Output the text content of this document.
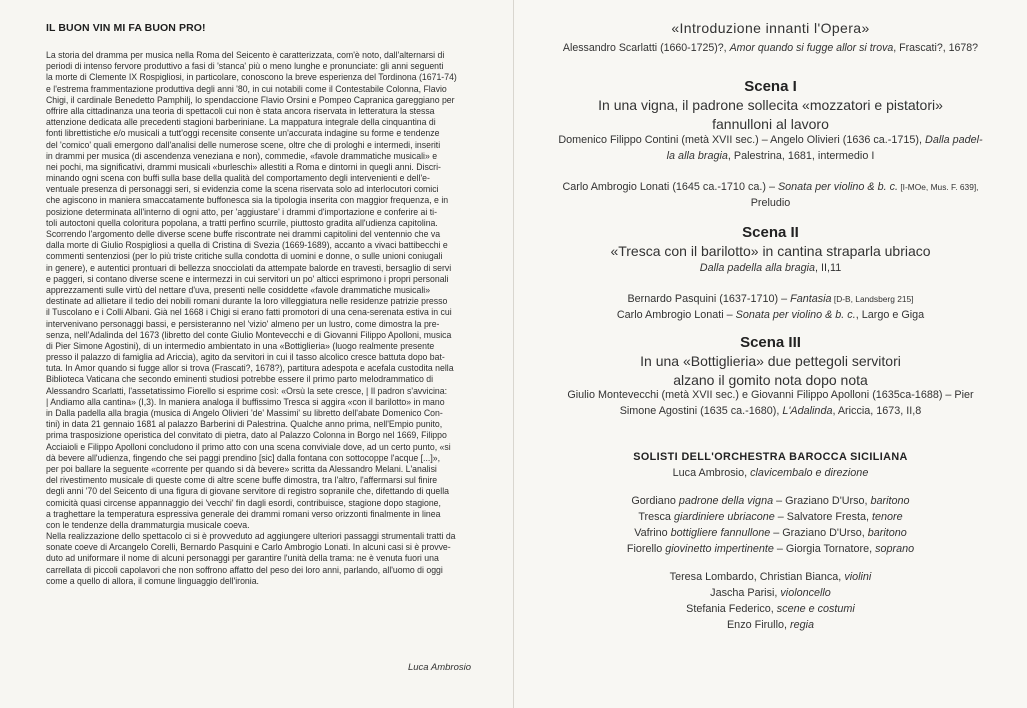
IL BUON VIN MI FA BUON PRO!
La storia del dramma per musica nella Roma del Seicento è caratterizzata, com'è noto, dall'alternarsi di
periodi di intenso fervore produttivo a fasi di 'stanca' più o meno lunghe e pronunciate: gli anni seguenti
la morte di Clemente IX Rospigliosi, in particolare, conoscono la breve esperienza del Tordinona (1671-74)
e l'estrema frammentazione produttiva degli anni '80, in cui notabili come il Contestabile Colonna, Flavio
Chigi, il cardinale Benedetto Pamphilj, lo spendaccione Flavio Orsini e Pompeo Capranica gareggiano per
offrire alla cittadinanza una teoria di spettacoli cui non è stata ancora riservata in letteratura la stessa
attenzione dedicata alle precedenti stagioni barberiniane. La mappatura integrale della cinquantina di
fonti librettistiche e/o musicali a tutt'oggi recensite consente un'accurata indagine su forme e tendenze
del 'comico' quali emergono dall'analisi delle numerose scene, oltre che di prologhi e intermedi, inseriti
in drammi per musica (di ascendenza veneziana e non), commedie, «favole drammatiche musicali» e
nei pochi, ma significativi, drammi musicali «burleschi» allestiti a Roma e dintorni in quegli anni. Discri-
minando ogni scena con buffi sulla base della qualità del comportamento degli intervenienti e dell'e-
ventuale presenza di personaggi seri, si evidenzia come la scena riservata solo ad interlocutori comici
che agiscono in maniera smaccatamente buffonesca sia la tipologia inserita con maggior frequenza, e in
posizione determinata all'interno di ogni atto, per 'aggiustare' i drammi d'importazione e conferire ai ti-
toli autoctoni quella coloritura popolana, a tratti perfino scurrile, piuttosto gradita all'udienza capitolina.
Scorrendo l'argomento delle diverse scene buffe riscontrate nei drammi capitolini del ventennio che va
dalla morte di Giulio Rospigliosi a quella di Cristina di Svezia (1669-1689), accanto a vivaci battibecchi e
commenti sentenziosi (per lo più triste critiche sulla condotta di uomini e donne, o sulle unioni coniugali
in genere), e autentici prontuari di bellezza snocciolati da attempate balorde en travesti, bersaglio di servi
e paggeri, si contano diverse scene e intermezzi in cui servitori un po' alticci esprimono i propri personali
apprezzamenti sulle virtù del nettare d'uva, presenti nelle cosiddette «favole drammatiche musicali»
destinate ad allietare il tedio dei nobili romani durante la loro villeggiatura nelle residenze patrizie presso
il Tuscolano e i Colli Albani. Già nel 1668 i Chigi si erano fatti promotori di una cena-serenata estiva in cui
intervenivano personaggi bassi, e persisteranno nel 'vizio' almeno per un lustro, come dimostra la pre-
senza, nell'Adalinda del 1673 (libretto del conte Giulio Montevecchi e di Giovanni Filippo Apolloni, musica
di Pier Simone Agostini), di un intermedio ambientato in una «Bottiglieria» (luogo realmente presente
presso il palazzo di famiglia ad Ariccia), agito da servitori in cui il tasso alcolico cresce battuta dopo bat-
tuta. In Amor quando si fugge allor si trova (Frascati?, 1678?), partitura adespota e acefala custodita nella
Biblioteca Vaticana che secondo eminenti studiosi potrebbe essere il primo parto melodrammatico di
Alessandro Scarlatti, l'assetatissimo Fiorello si esprime così: «Orsù la sete cresce, | Il padron s'avvicina:
| Andiamo alla cantina» (I,3). In maniera analoga il buffissimo Tresca si aggira «con il barilotto» in mano
in Dalla padella alla bragia (musica di Angelo Olivieri 'de' Massimi' su libretto dell'abate Domenico Con-
tini) in data 21 gennaio 1681 al palazzo Barberini di Palestrina. Qualche anno prima, nell'Empio punito,
prima trasposizione operistica del convitato di pietra, dato al Palazzo Colonna in Borgo nel 1669, Filippo
Acciaioli e Filippo Apolloni concludono il primo atto con una scena conviviale dove, ad un certo punto, «si
dà bevere all'udienza, fingendo che sei paggi prendino [sic] dalla fontana con sottocoppe l'acque [...]»,
per poi ballare la seguente «corrente per quando si dà bevere» scritta da Alessandro Melani. L'analisi
del rivestimento musicale di queste come di altre scene buffe dimostra, tra l'altro, l'affermarsi sul finire
degli anni '70 del Seicento di una figura di giovane servitore di registro sopranile che, difettando di quella
comicità quasi circense appannaggio dei 'vecchi' fin dagli esordi, contribuisce, stagione dopo stagione,
a traghettare la temperatura espressiva generale dei drammi romani verso orizzonti finalmente in linea
con le tendenze della drammaturgia musicale coeva.
Nella realizzazione dello spettacolo ci si è provveduto ad aggiungere ulteriori passaggi strumentali tratti da
sonate coeve di Arcangelo Corelli, Bernardo Pasquini e Carlo Ambrogio Lonati. In alcuni casi si è provve-
duto ad uniformare il nome di alcuni personaggi per garantire l'unità della trama: ne è venuta fuori una
carrellata di piccoli capolavori che non soffrono affatto del peso dei loro anni, parlando, all'uomo di oggi
come a quello di allora, il comune linguaggio dell'ironia.
Luca Ambrosio
«Introduzione innanti l'Opera»
Alessandro Scarlatti (1660-1725)?, Amor quando si fugge allor si trova, Frascati?, 1678?
Scena I
In una vigna, il padrone sollecita «mozzatori e pistatori»
fannulloni al lavoro
Domenico Filippo Contini (metà XVII sec.) – Angelo Olivieri (1636 ca.-1715), Dalla padel-
la alla bragia, Palestrina, 1681, intermedio I
Carlo Ambrogio Lonati (1645 ca.-1710 ca.) – Sonata per violino & b. c. [I-MOe, Mus. F. 639],
Preludio
Scena II
«Tresca con il barilotto» in cantina straparla ubriaco
Dalla padella alla bragia, II,11
Bernardo Pasquini (1637-1710) – Fantasia [D-B, Landsberg 215]
Carlo Ambrogio Lonati – Sonata per violino & b. c., Largo e Giga
Scena III
In una «Bottiglieria» due pettegoli servitori
alzano il gomito nota dopo nota
Giulio Montevecchi (metà XVII sec.) e Giovanni Filippo Apolloni (1635ca-1688) – Pier
Simone Agostini (1635 ca.-1680), L'Adalinda, Ariccia, 1673, II,8
SOLISTI DELL'ORCHESTRA BAROCCA SICILIANA
Luca Ambrosio, clavicembalo e direzione
Gordiano padrone della vigna – Graziano D'Urso, baritono
Tresca giardiniere ubriacone – Salvatore Fresta, tenore
Vafrino bottigliere fannullone – Graziano D'Urso, baritono
Fiorello giovinetto impertinente – Giorgia Tornatore, soprano
Teresa Lombardo, Christian Bianca, violini
Jascha Parisi, violoncello
Stefania Federico, scene e costumi
Enzo Firullo, regia
